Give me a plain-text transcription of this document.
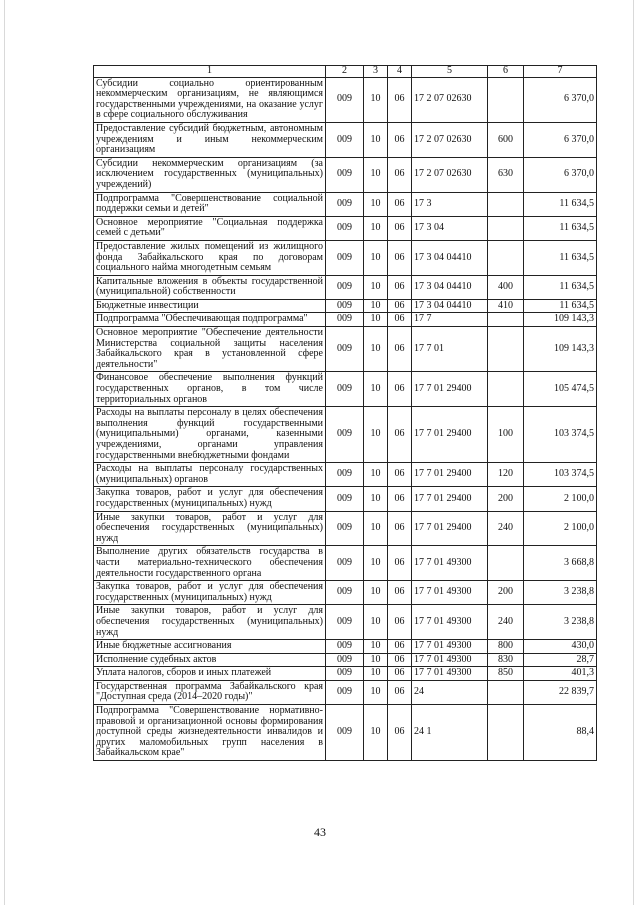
1	2	3	4	5	6	7
Субсидии социально ориентированным некоммерческим организациям, не являющимся государственными учреждениями, на оказание услуг в сфере социального обслуживания	009	10	06	17 2 07 02630		6 370,0
Предоставление субсидий бюджетным, автономным учреждениям и иным некоммерческим организациям	009	10	06	17 2 07 02630	600	6 370,0
Субсидии некоммерческим организациям (за исключением государственных (муниципальных) учреждений)	009	10	06	17 2 07 02630	630	6 370,0
Подпрограмма "Совершенствование социальной поддержки семьи и детей"	009	10	06	17 3		11 634,5
Основное мероприятие "Социальная поддержка семей с детьми"	009	10	06	17 3 04		11 634,5
Предоставление жилых помещений из жилищного фонда Забайкальского края по договорам социального найма многодетным семьям	009	10	06	17 3 04 04410		11 634,5
Капитальные вложения в объекты государственной (муниципальной) собственности	009	10	06	17 3 04 04410	400	11 634,5
Бюджетные инвестиции	009	10	06	17 3 04 04410	410	11 634,5
Подпрограмма "Обеспечивающая подпрограмма"	009	10	06	17 7		109 143,3
Основное мероприятие "Обеспечение деятельности Министерства социальной защиты населения Забайкальского края в установленной сфере деятельности"	009	10	06	17 7 01		109 143,3
Финансовое обеспечение выполнения функций государственных органов, в том числе территориальных органов	009	10	06	17 7 01 29400		105 474,5
Расходы на выплаты персоналу в целях обеспечения выполнения функций государственными (муниципальными) органами, казенными учреждениями, органами управления государственными внебюджетными фондами	009	10	06	17 7 01 29400	100	103 374,5
Расходы на выплаты персоналу государственных (муниципальных) органов	009	10	06	17 7 01 29400	120	103 374,5
Закупка товаров, работ и услуг для обеспечения государственных (муниципальных) нужд	009	10	06	17 7 01 29400	200	2 100,0
Иные закупки товаров, работ и услуг для обеспечения государственных (муниципальных) нужд	009	10	06	17 7 01 29400	240	2 100,0
Выполнение других обязательств государства в части материально-технического обеспечения деятельности государственного органа	009	10	06	17 7 01 49300		3 668,8
Закупка товаров, работ и услуг для обеспечения государственных (муниципальных) нужд	009	10	06	17 7 01 49300	200	3 238,8
Иные закупки товаров, работ и услуг для обеспечения государственных (муниципальных) нужд	009	10	06	17 7 01 49300	240	3 238,8
Иные бюджетные ассигнования	009	10	06	17 7 01 49300	800	430,0
Исполнение судебных актов	009	10	06	17 7 01 49300	830	28,7
Уплата налогов, сборов и иных платежей	009	10	06	17 7 01 49300	850	401,3
Государственная программа Забайкальского края "Доступная среда (2014–2020 годы)"	009	10	06	24		22 839,7
Подпрограмма "Совершенствование нормативно-правовой и организационной основы формирования доступной среды жизнедеятельности инвалидов и других маломобильных групп населения в Забайкальском крае"	009	10	06	24 1		88,4
43
